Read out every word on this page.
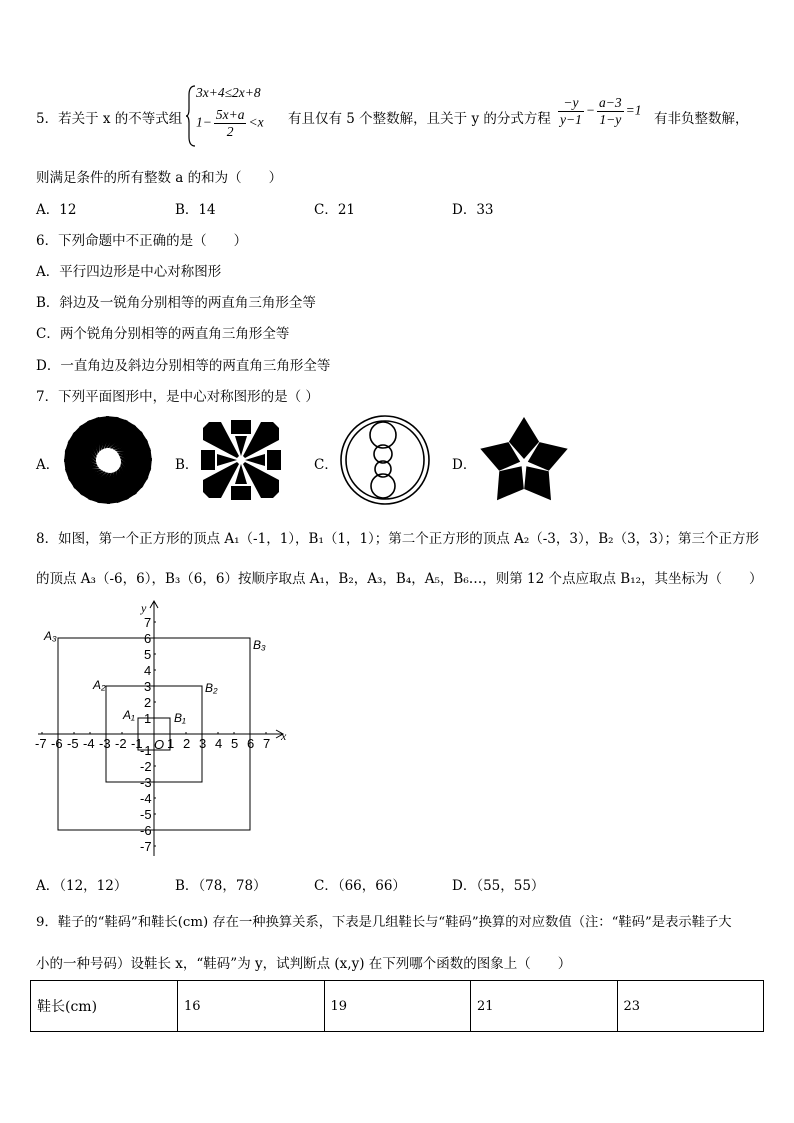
5．若关于 x 的不等式组
3x+4≤2x+8
$1- \frac{5x+a}{2} <x$ 有且仅有 5 个整数解，且关于 y 的分式方程 $\frac{-y}{y-1} - \frac{a-3}{1-y} =1$
有非负整数解，
则满足条件的所有整数 a 的和为（　　）
A．12	B．14	C．21	D．33
6．下列命题中不正确的是（　　）
A．平行四边形是中心对称图形
B．斜边及一锐角分别相等的两直角三角形全等
C．两个锐角分别相等的两直角三角形全等
D．一直角边及斜边分别相等的两直角三角形全等
7．下列平面图形中，是中心对称图形的是（ ）
A．	B．	C．	D．
8．如图，第一个正方形的顶点 A₁（-1，1），B₁（1，1）；第二个正方形的顶点 A₂（-3，3），B₂（3，3）；第三个正方形
的顶点 A₃（-6，6），B₃（6，6）按顺序取点 A₁，B₂，A₃，B₄，A₅，B₆…，则第 12 个点应取点 B₁₂，其坐标为（　　）
-7 -6 -5 -4 -3 -2 -1 1 2 3 4 5 6 7
7
6
5
4
3
2
1
-1
-2
-3
-4
-5
-6
-7
A₃
B₃
A₂	B₂
A₁	B₁
y
x
O
A．（12，12）	B．（78，78）	C．（66，66）	D．（55，55）
9．鞋子的“鞋码”和鞋长(cm) 存在一种换算关系，下表是几组鞋长与“鞋码”换算的对应数值（注：“鞋码”是表示鞋子大
小的一种号码）设鞋长 x，“鞋码”为 y，试判断点 (x,y) 在下列哪个函数的图象上（　　）
鞋长(cm)	16	19	21	23
